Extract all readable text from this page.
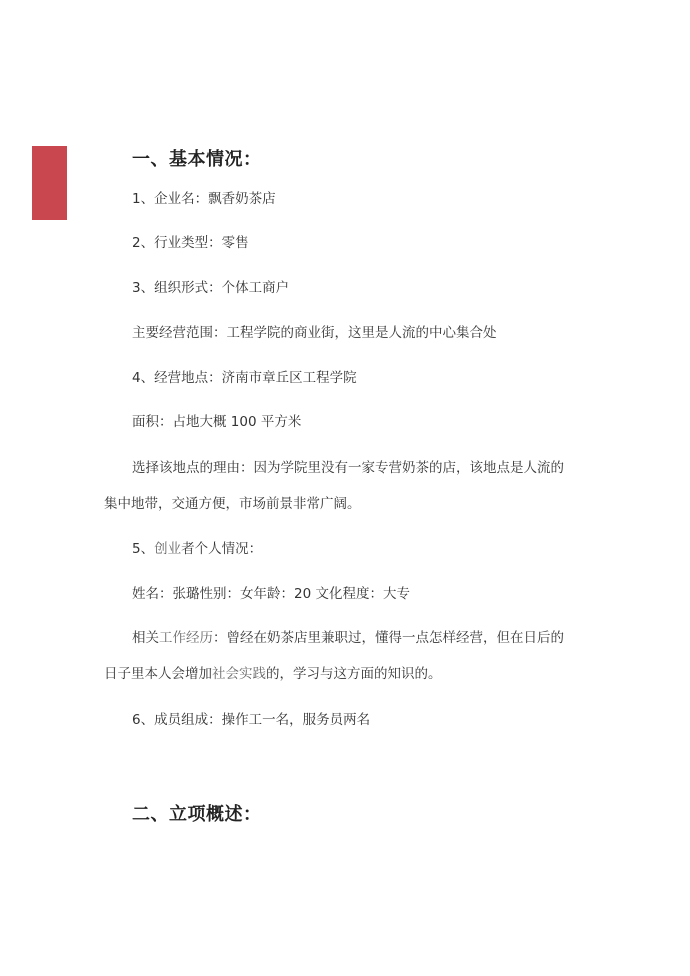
一、基本情况：
1、企业名：飘香奶茶店
2、行业类型：零售
3、组织形式：个体工商户
主要经营范围：工程学院的商业街，这里是人流的中心集合处
4、经营地点：济南市章丘区工程学院
面积：占地大概 100 平方米
选择该地点的理由：因为学院里没有一家专营奶茶的店，该地点是人流的
集中地带，交通方便，市场前景非常广阔。
5、创业者个人情况：
姓名：张璐性别：女年龄：20 文化程度：大专
相关工作经历：曾经在奶茶店里兼职过，懂得一点怎样经营，但在日后的
日子里本人会增加社会实践的，学习与这方面的知识的。
6、成员组成：操作工一名，服务员两名
二、立项概述：
